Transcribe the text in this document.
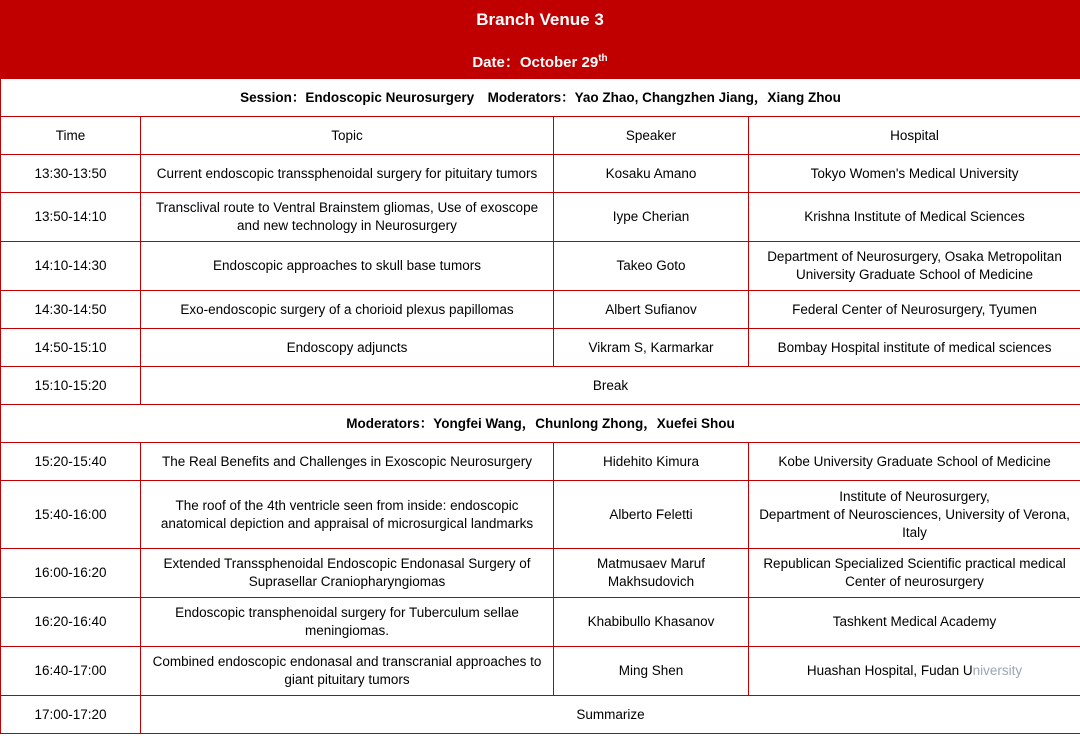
Branch Venue 3
Date：October 29th
Session：Endoscopic Neurosurgery　Moderators：Yao Zhao, Changzhen Jiang，Xiang Zhou			
Time	Topic	Speaker	Hospital
13:30-13:50	Current endoscopic transsphenoidal surgery for pituitary tumors	Kosaku Amano	Tokyo Women's Medical University
13:50-14:10	Transclival route to Ventral Brainstem gliomas, Use of exoscope and new technology in Neurosurgery	Iype Cherian	Krishna Institute of Medical Sciences
14:10-14:30	Endoscopic approaches to skull base tumors	Takeo Goto	Department of Neurosurgery, Osaka Metropolitan University Graduate School of Medicine
14:30-14:50	Exo-endoscopic surgery of a chorioid plexus papillomas	Albert Sufianov	Federal Center of Neurosurgery, Tyumen
14:50-15:10	Endoscopy adjuncts	Vikram S, Karmarkar	Bombay Hospital institute of medical sciences
15:10-15:20	Break		
Moderators：Yongfei Wang，Chunlong Zhong，Xuefei Shou			
15:20-15:40	The Real Benefits and Challenges in Exoscopic Neurosurgery	Hidehito Kimura	Kobe University Graduate School of Medicine
15:40-16:00	The roof of the 4th ventricle seen from inside: endoscopic anatomical depiction and appraisal of microsurgical landmarks	Alberto Feletti	Institute of Neurosurgery,
Department of Neurosciences, University of Verona,
Italy

16:00-16:20	Extended Transsphenoidal Endoscopic Endonasal Surgery of Suprasellar Craniopharyngiomas	Matmusaev Maruf Makhsudovich	Republican Specialized Scientific practical medical Center of neurosurgery
16:20-16:40	Endoscopic transphenoidal surgery for Tuberculum sellae meningiomas.	Khabibullo Khasanov	Tashkent Medical Academy
16:40-17:00	Combined endoscopic endonasal and transcranial approaches to giant pituitary tumors	Ming Shen	Huashan Hospital, Fudan University
17:00-17:20	Summarize		
